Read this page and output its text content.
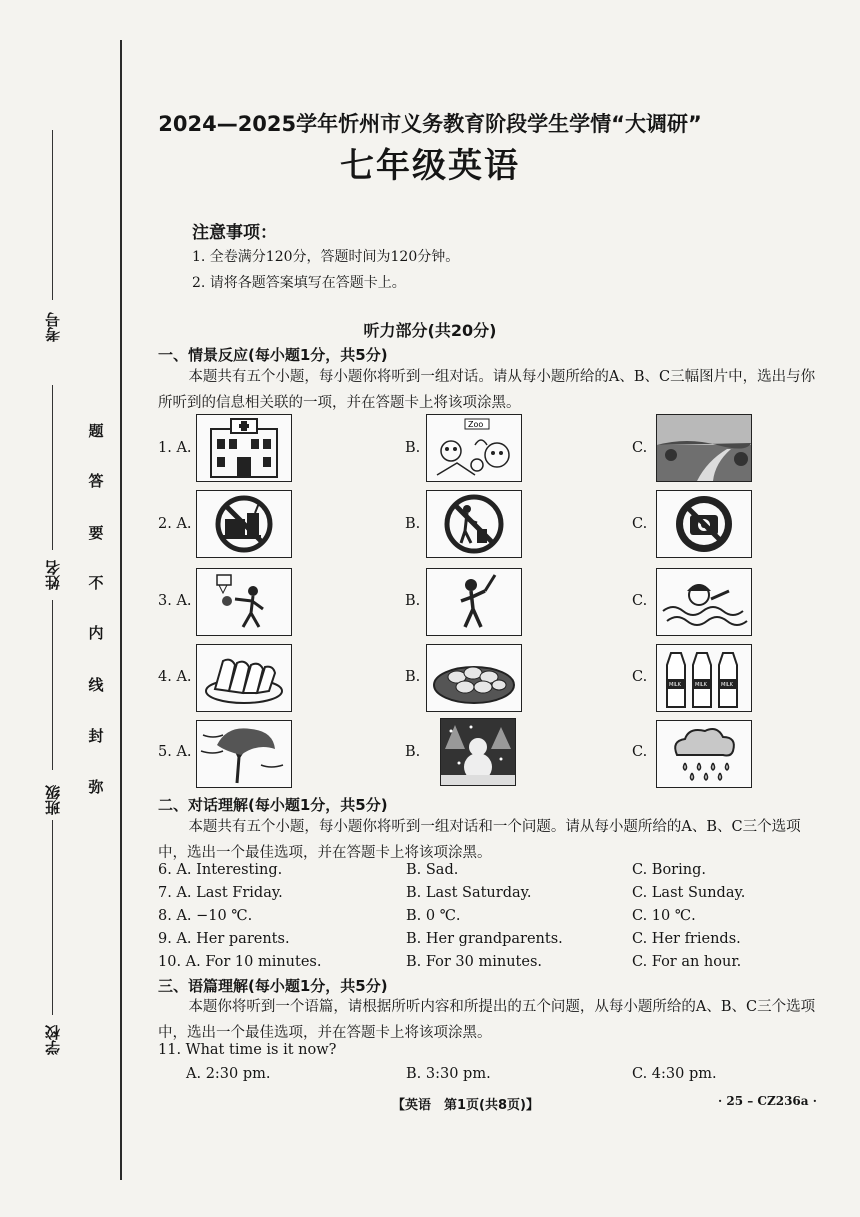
题
答
要
不
内
线
封
弥
考号
姓名
班级
学校
2024—2025学年忻州市义务教育阶段学生学情“大调研”
七年级英语
注意事项：
1. 全卷满分120分，答题时间为120分钟。
2. 请将各题答案填写在答题卡上。
听力部分(共20分)
一、情景反应(每小题1分，共5分)
本题共有五个小题，每小题你将听到一组对话。请从每小题所给的A、B、C三幅图片中，选出与你所听到的信息相关联的一项，并在答题卡上将该项涂黑。
1. A.	B.	C.
2. A.	B.	C.
3. A.	B.	C.
4. A.	B.	C.
5. A.	B.	C.
Zoo
MILK	MILK	MILK
二、对话理解(每小题1分，共5分)
本题共有五个小题，每小题你将听到一组对话和一个问题。请从每小题所给的A、B、C三个选项中，选出一个最佳选项，并在答题卡上将该项涂黑。
6. A. Interesting.	B. Sad.	C. Boring.
7. A. Last Friday.	B. Last Saturday.	C. Last Sunday.
8. A. −10 ℃.	B. 0 ℃.	C. 10 ℃.
9. A. Her parents.	B. Her grandparents.	C. Her friends.
10. A. For 10 minutes.	B. For 30 minutes.	C. For an hour.
三、语篇理解(每小题1分，共5分)
本题你将听到一个语篇，请根据所听内容和所提出的五个问题，从每小题所给的A、B、C三个选项中，选出一个最佳选项，并在答题卡上将该项涂黑。
11. What time is it now?
A. 2:30 pm.	B. 3:30 pm.	C. 4:30 pm.
【英语　第1页(共8页)】	· 25 – CZ236a ·
